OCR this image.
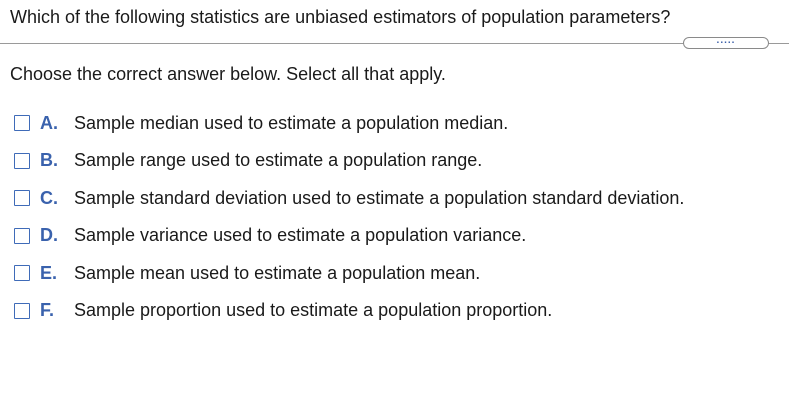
Which of the following statistics are unbiased estimators of population parameters?
.....
Choose the correct answer below. Select all that apply.
A. Sample median used to estimate a population median.
B. Sample range used to estimate a population range.
C. Sample standard deviation used to estimate a population standard deviation.
D. Sample variance used to estimate a population variance.
E. Sample mean used to estimate a population mean.
F.	Sample proportion used to estimate a population proportion.
